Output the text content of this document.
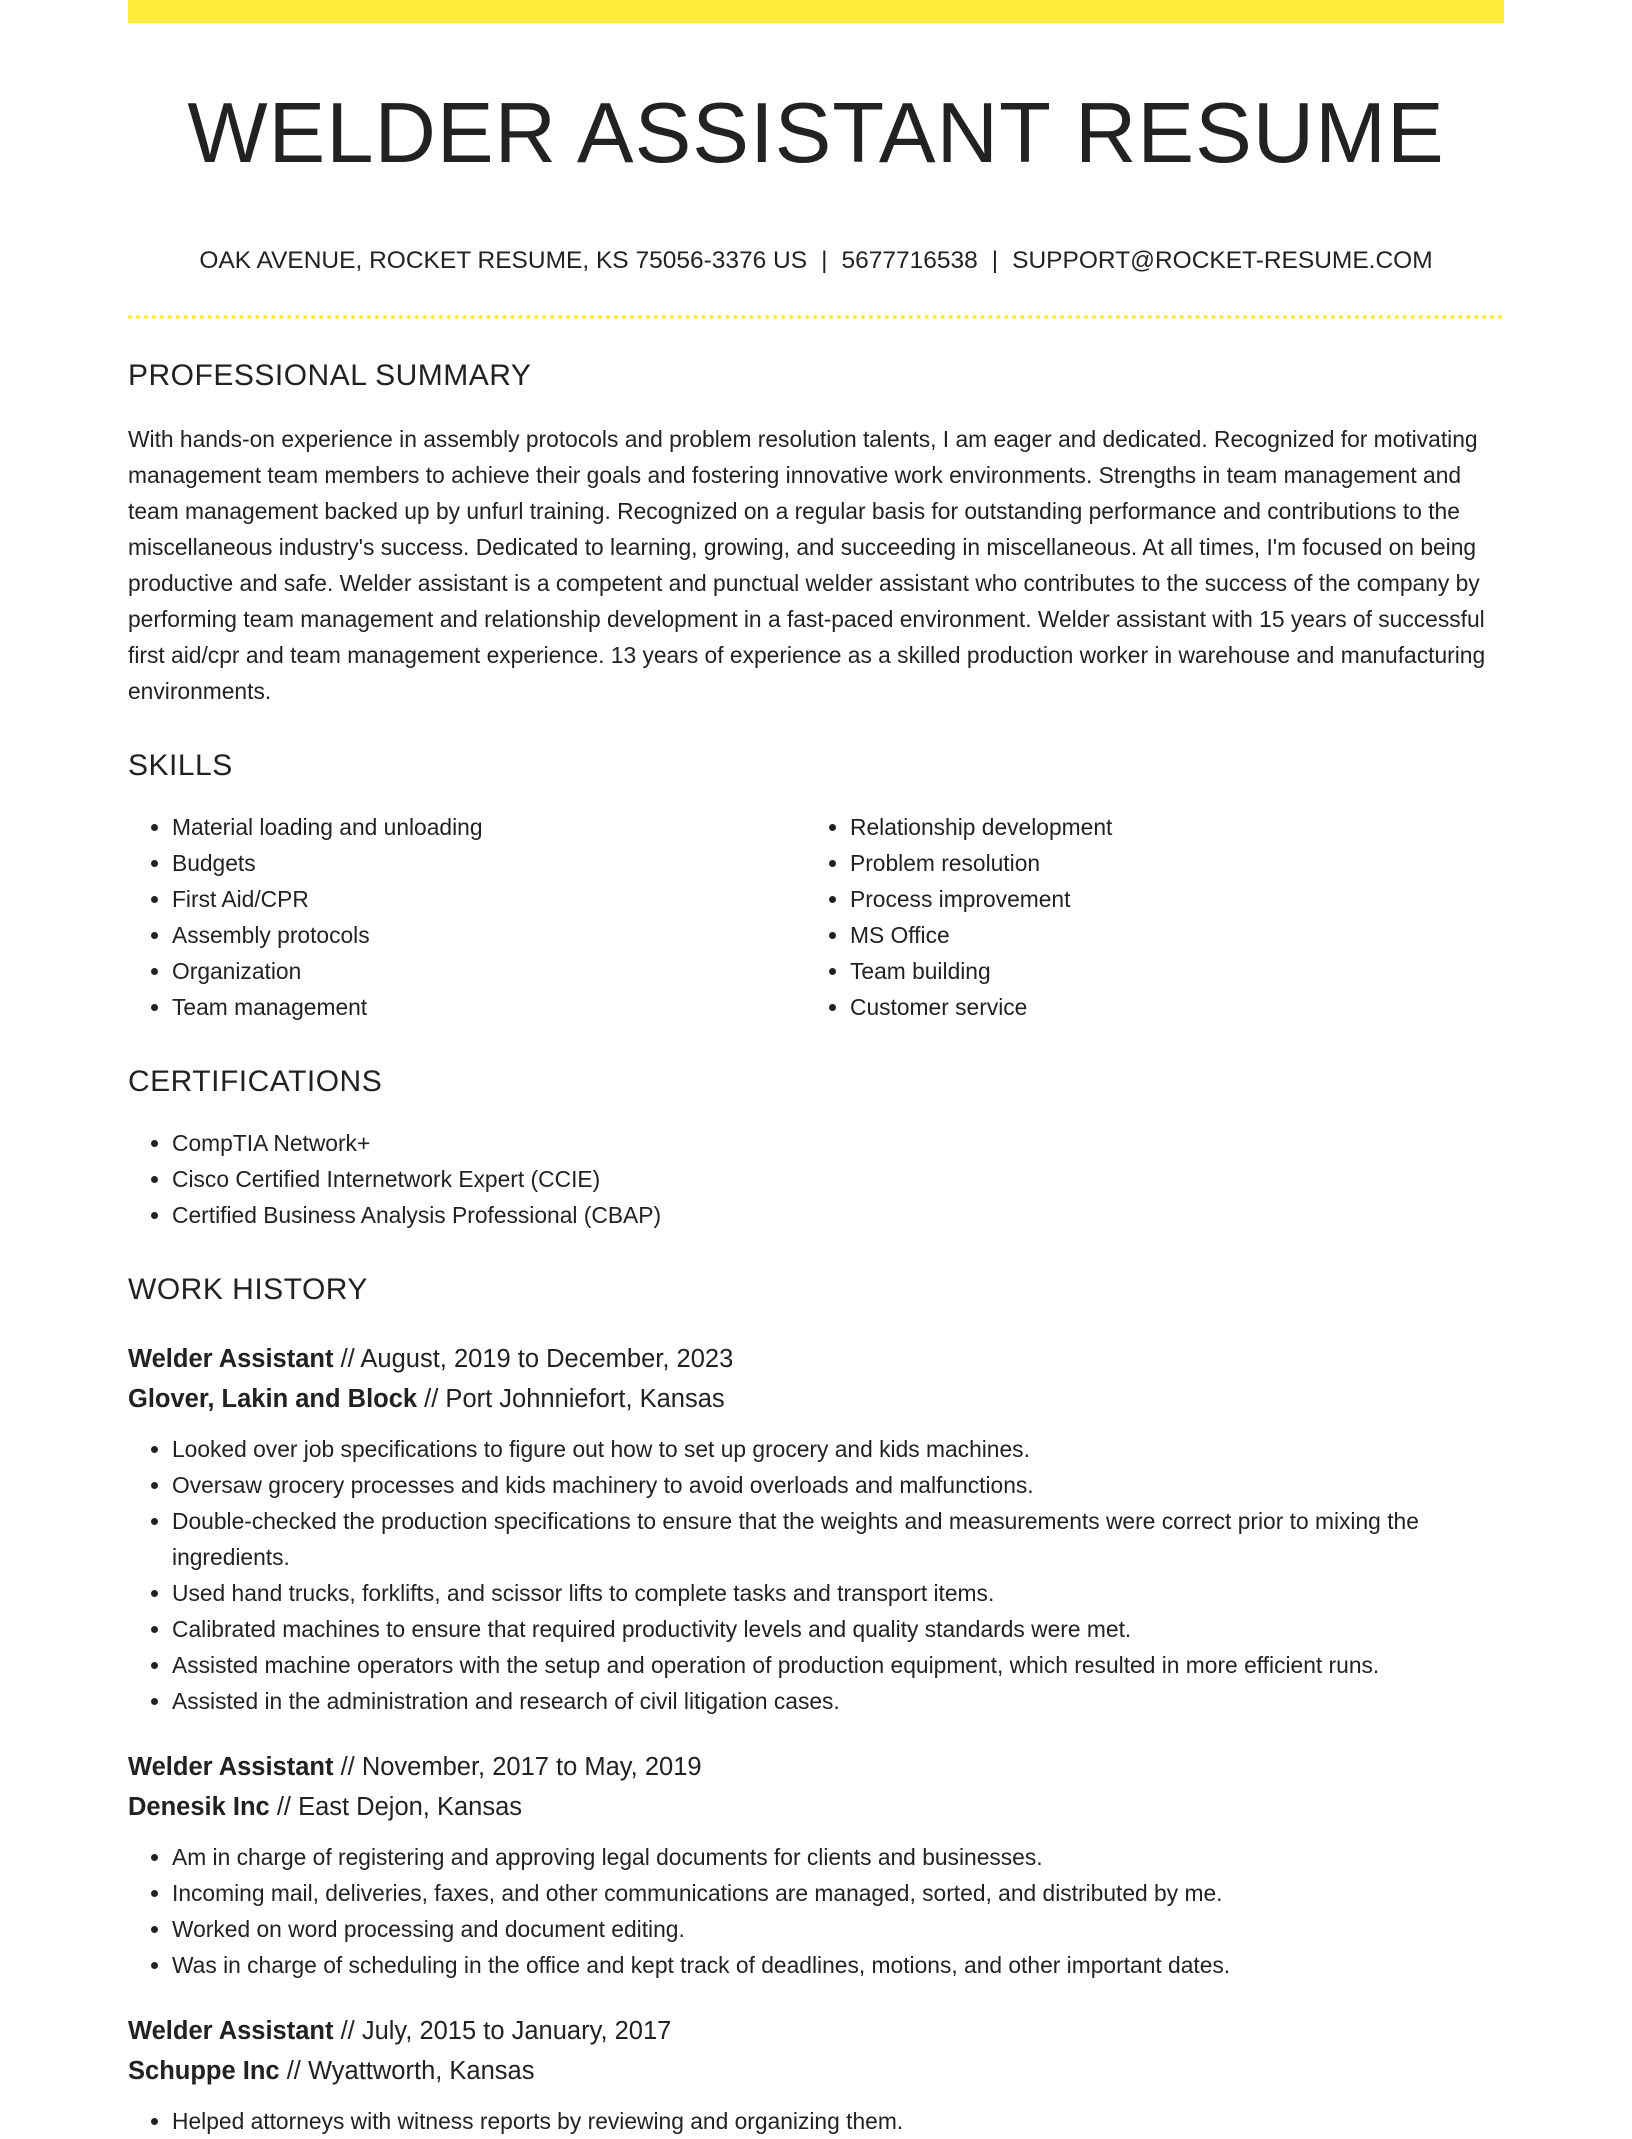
WELDER ASSISTANT RESUME
OAK AVENUE, ROCKET RESUME, KS 75056-3376 US | 5677716538 | SUPPORT@ROCKET-RESUME.COM
PROFESSIONAL SUMMARY

With hands-on experience in assembly protocols and problem resolution talents, I am eager and dedicated. Recognized for motivating management team members to achieve their goals and fostering innovative work environments. Strengths in team management and team management backed up by unfurl training. Recognized on a regular basis for outstanding performance and contributions to the miscellaneous industry's success. Dedicated to learning, growing, and succeeding in miscellaneous. At all times, I'm focused on being productive and safe. Welder assistant is a competent and punctual welder assistant who contributes to the success of the company by performing team management and relationship development in a fast-paced environment. Welder assistant with 15 years of successful first aid/cpr and team management experience. 13 years of experience as a skilled production worker in warehouse and manufacturing environments.

SKILLS
• Material loading and unloading
• Budgets
• First Aid/CPR
• Assembly protocols
• Organization
• Team management
• Relationship development
• Problem resolution
• Process improvement
• MS Office
• Team building
• Customer service
CERTIFICATIONS
• CompTIA Network+
• Cisco Certified Internetwork Expert (CCIE)
• Certified Business Analysis Professional (CBAP)
WORK HISTORY
Welder Assistant // August, 2019 to December, 2023
Glover, Lakin and Block // Port Johnniefort, Kansas
• Looked over job specifications to figure out how to set up grocery and kids machines.
• Oversaw grocery processes and kids machinery to avoid overloads and malfunctions.
• Double-checked the production specifications to ensure that the weights and measurements were correct prior to mixing the ingredients.
• Used hand trucks, forklifts, and scissor lifts to complete tasks and transport items.
• Calibrated machines to ensure that required productivity levels and quality standards were met.
• Assisted machine operators with the setup and operation of production equipment, which resulted in more efficient runs.
• Assisted in the administration and research of civil litigation cases.
Welder Assistant // November, 2017 to May, 2019
Denesik Inc // East Dejon, Kansas
• Am in charge of registering and approving legal documents for clients and businesses.
• Incoming mail, deliveries, faxes, and other communications are managed, sorted, and distributed by me.
• Worked on word processing and document editing.
• Was in charge of scheduling in the office and kept track of deadlines, motions, and other important dates.
Welder Assistant // July, 2015 to January, 2017
Schuppe Inc // Wyattworth, Kansas
• Helped attorneys with witness reports by reviewing and organizing them.
